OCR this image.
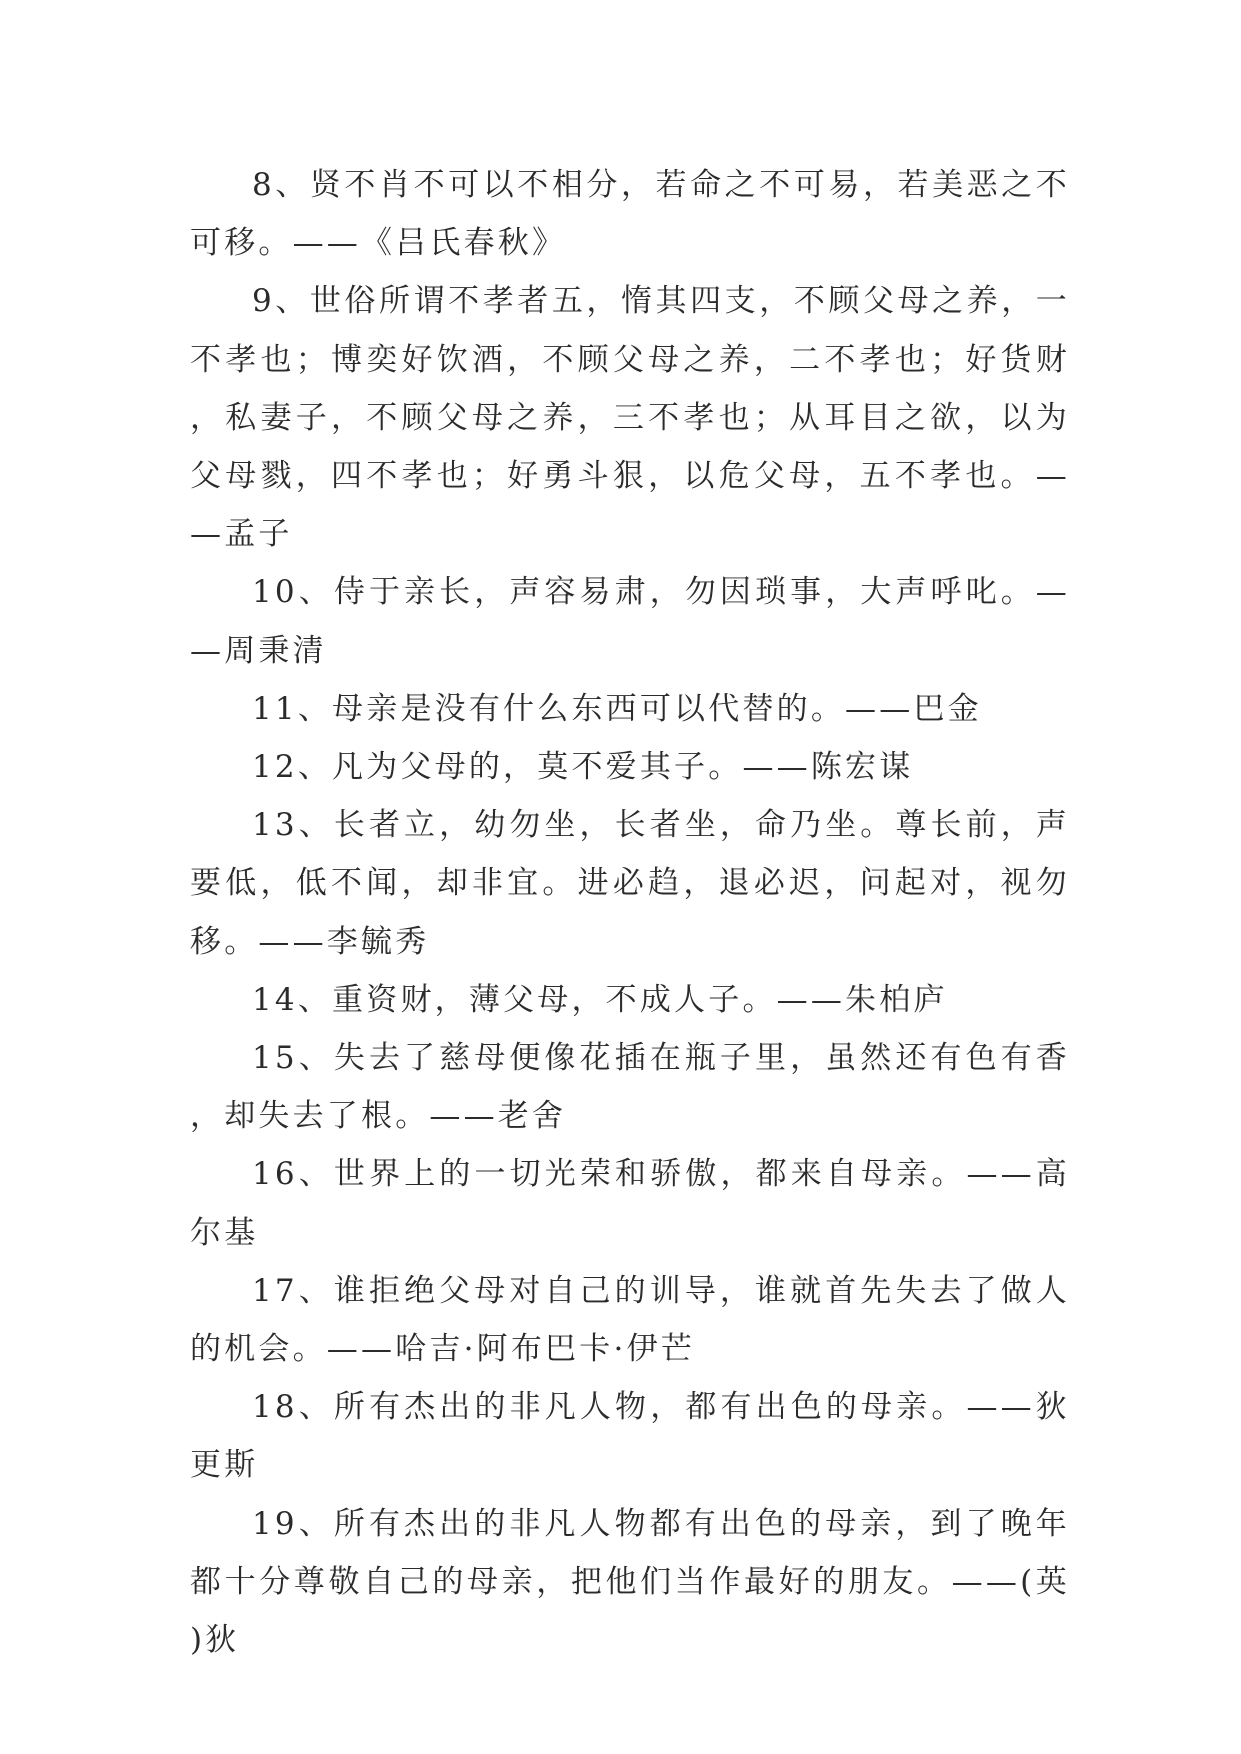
8、贤不肖不可以不相分，若命之不可易，若美恶之不可移。——《吕氏春秋》

9、世俗所谓不孝者五，惰其四支，不顾父母之养，一不孝也；博奕好饮酒，不顾父母之养，二不孝也；好货财，私妻子，不顾父母之养，三不孝也；从耳目之欲，以为父母戮，四不孝也；好勇斗狠，以危父母，五不孝也。——孟子

10、侍于亲长，声容易肃，勿因琐事，大声呼叱。——周秉清

11、母亲是没有什么东西可以代替的。——巴金

12、凡为父母的，莫不爱其子。——陈宏谋

13、长者立，幼勿坐，长者坐，命乃坐。尊长前，声要低，低不闻，却非宜。进必趋，退必迟，问起对，视勿移。——李毓秀

14、重资财，薄父母，不成人子。——朱柏庐

15、失去了慈母便像花插在瓶子里，虽然还有色有香，却失去了根。——老舍

16、世界上的一切光荣和骄傲，都来自母亲。——高尔基

17、谁拒绝父母对自己的训导，谁就首先失去了做人的机会。——哈吉·阿布巴卡·伊芒

18、所有杰出的非凡人物，都有出色的母亲。——狄更斯

19、所有杰出的非凡人物都有出色的母亲，到了晚年都十分尊敬自己的母亲，把他们当作最好的朋友。——(英)狄
